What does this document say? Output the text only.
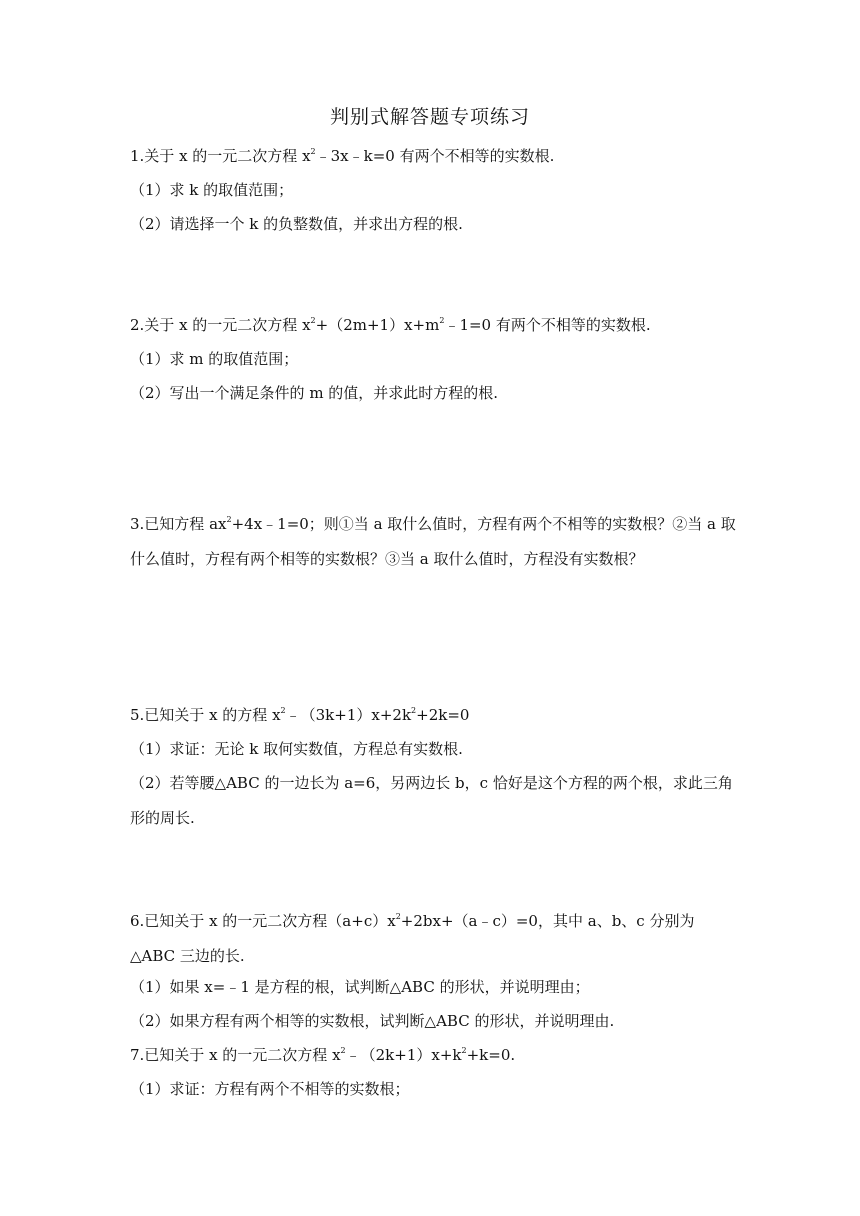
判别式解答题专项练习
1.关于 x 的一元二次方程 $x^2﹣3x﹣k=0$ 有两个不相等的实数根.
（1）求 k 的取值范围；
（2）请选择一个 k 的负整数值，并求出方程的根.
2.关于 x 的一元二次方程 $x^2+(2m+1)x+m^2﹣1=0$ 有两个不相等的实数根.
（1）求 m 的取值范围；
（2）写出一个满足条件的 m 的值，并求此时方程的根.
3.已知方程 $ax^2+4x﹣1=0$；则①当 a 取什么值时，方程有两个不相等的实数根？②当 a 取什么值时，方程有两个相等的实数根？③当 a 取什么值时，方程没有实数根？
5.已知关于 x 的方程 $x^2﹣(3k+1)x+2k^2+2k=0$
（1）求证：无论 k 取何实数值，方程总有实数根.
（2）若等腰△ABC 的一边长为 a=6，另两边长 b，c 恰好是这个方程的两个根，求此三角形的周长.
6.已知关于 x 的一元二次方程$(a+c)x^2+2bx+(a﹣c)=0$，其中 a、b、c 分别为△ABC 三边的长.
（1）如果 x=﹣1 是方程的根，试判断△ABC 的形状，并说明理由；
（2）如果方程有两个相等的实数根，试判断△ABC 的形状，并说明理由.
7.已知关于 x 的一元二次方程 $x^2﹣(2k+1)x+k^2+k=0$.
（1）求证：方程有两个不相等的实数根；
